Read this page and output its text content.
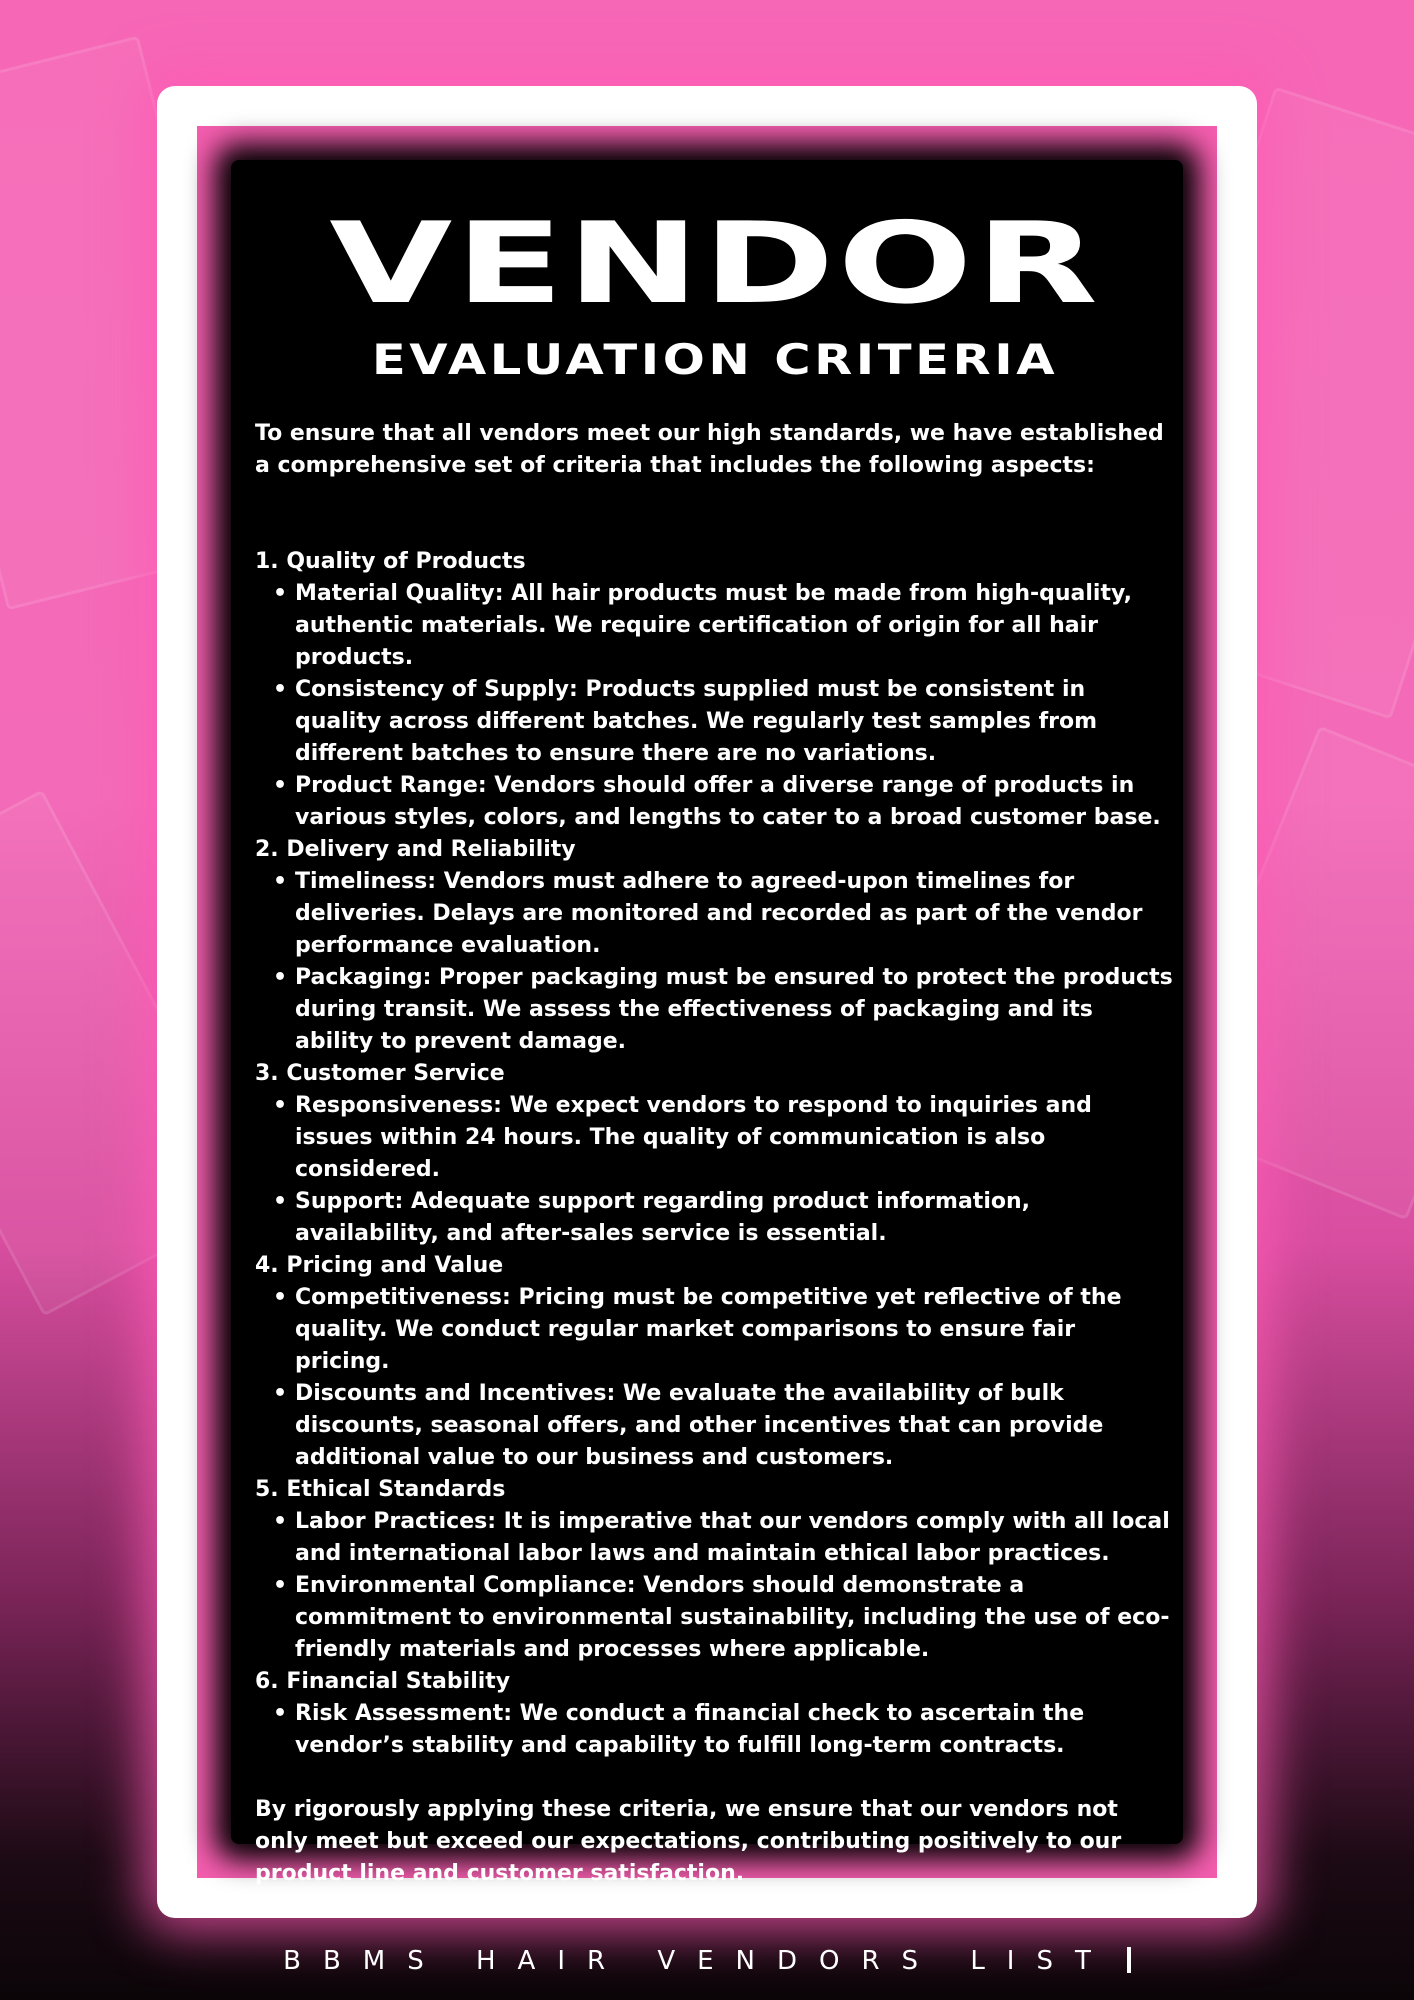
VENDOR
EVALUATION CRITERIA

To ensure that all vendors meet our high standards, we have established a comprehensive set of criteria that includes the following aspects:

1. Quality of Products
• Material Quality: All hair products must be made from high-quality, authentic materials. We require certification of origin for all hair products.
• Consistency of Supply: Products supplied must be consistent in quality across different batches. We regularly test samples from different batches to ensure there are no variations.
• Product Range: Vendors should offer a diverse range of products in various styles, colors, and lengths to cater to a broad customer base.
2. Delivery and Reliability
• Timeliness: Vendors must adhere to agreed-upon timelines for deliveries. Delays are monitored and recorded as part of the vendor performance evaluation.
• Packaging: Proper packaging must be ensured to protect the products during transit. We assess the effectiveness of packaging and its ability to prevent damage.
3. Customer Service
• Responsiveness: We expect vendors to respond to inquiries and issues within 24 hours. The quality of communication is also considered.
• Support: Adequate support regarding product information, availability, and after-sales service is essential.
4. Pricing and Value
• Competitiveness: Pricing must be competitive yet reflective of the quality. We conduct regular market comparisons to ensure fair pricing.
• Discounts and Incentives: We evaluate the availability of bulk discounts, seasonal offers, and other incentives that can provide additional value to our business and customers.
5. Ethical Standards
• Labor Practices: It is imperative that our vendors comply with all local and international labor laws and maintain ethical labor practices.
• Environmental Compliance: Vendors should demonstrate a commitment to environmental sustainability, including the use of eco-friendly materials and processes where applicable.
6. Financial Stability
• Risk Assessment: We conduct a financial check to ascertain the vendor’s stability and capability to fulfill long-term contracts.

By rigorously applying these criteria, we ensure that our vendors not only meet but exceed our expectations, contributing positively to our product line and customer satisfaction.

BBMS HAIR VENDORS LIST
